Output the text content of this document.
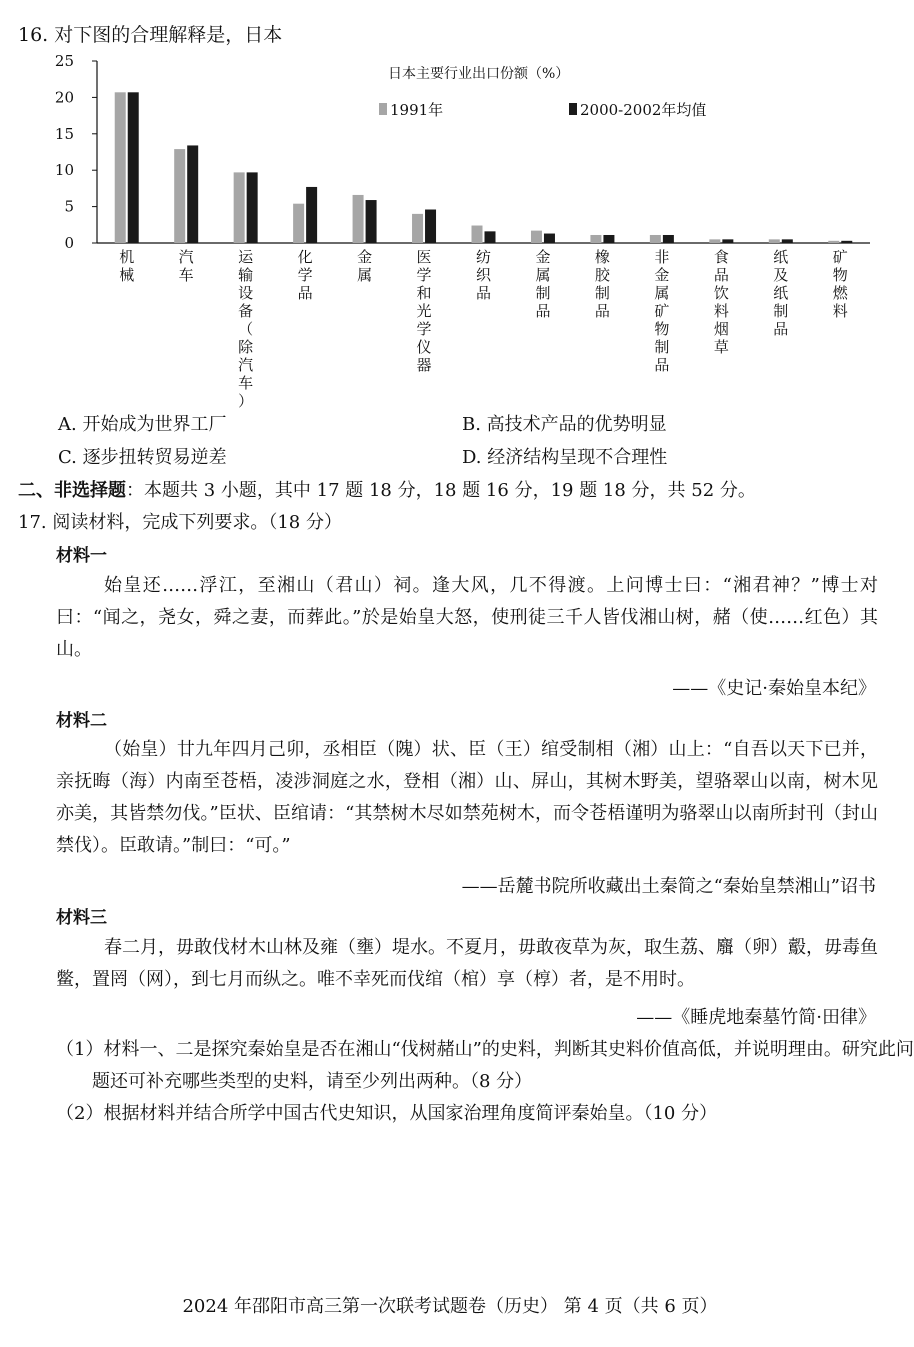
16. 对下图的合理解释是，日本
0
5
10
15
20
25
机械
汽车
运输设备（除汽车）
化学品
金属
医学和光学仪器
纺织品
金属制品
橡胶制品
非金属矿物制品
食品饮料烟草
纸及纸制品
矿物燃料
日本主要行业出口份额（%）
1991年	2000-2002年均值
A. 开始成为世界工厂	B. 高技术产品的优势明显
C. 逐步扭转贸易逆差	D. 经济结构呈现不合理性
二、非选择题：本题共 3 小题，其中 17 题 18 分，18 题 16 分，19 题 18 分，共 52 分。
17. 阅读材料，完成下列要求。（18 分）
材料一
始皇还……浮江，至湘山（君山）祠。逢大风，几不得渡。上问博士曰：“湘君神？”博士对曰：“闻之，尧女，舜之妻，而葬此。”於是始皇大怒，使刑徒三千人皆伐湘山树，赭（使……红色）其山。
——《史记·秦始皇本纪》
材料二
（始皇）廿九年四月己卯，丞相臣（隗）状、臣（王）绾受制相（湘）山上：“自吾以天下已并，亲抚晦（海）内南至苍梧，凌涉洞庭之水，登相（湘）山、屏山，其树木野美，望骆翠山以南，树木见亦美，其皆禁勿伐。”臣状、臣绾请：“其禁树木尽如禁苑树木，而令苍梧谨明为骆翠山以南所封刊（封山禁伐）。臣敢请。”制曰：“可。”
——岳麓书院所收藏出土秦简之“秦始皇禁湘山”诏书
材料三
春二月，毋敢伐材木山林及雍（壅）堤水。不夏月，毋敢夜草为灰，取生荔、麛（卵）鷇，毋毒鱼鳖，置罔（网），到七月而纵之。唯不幸死而伐绾（棺）享（椁）者，是不用时。
——《睡虎地秦墓竹简·田律》
（1）材料一、二是探究秦始皇是否在湘山“伐树赭山”的史料，判断其史料价值高低，并说明理由。研究此问题还可补充哪些类型的史料，请至少列出两种。（8 分）
（2）根据材料并结合所学中国古代史知识，从国家治理角度简评秦始皇。（10 分）
2024 年邵阳市高三第一次联考试题卷（历史） 第 4 页（共 6 页）
